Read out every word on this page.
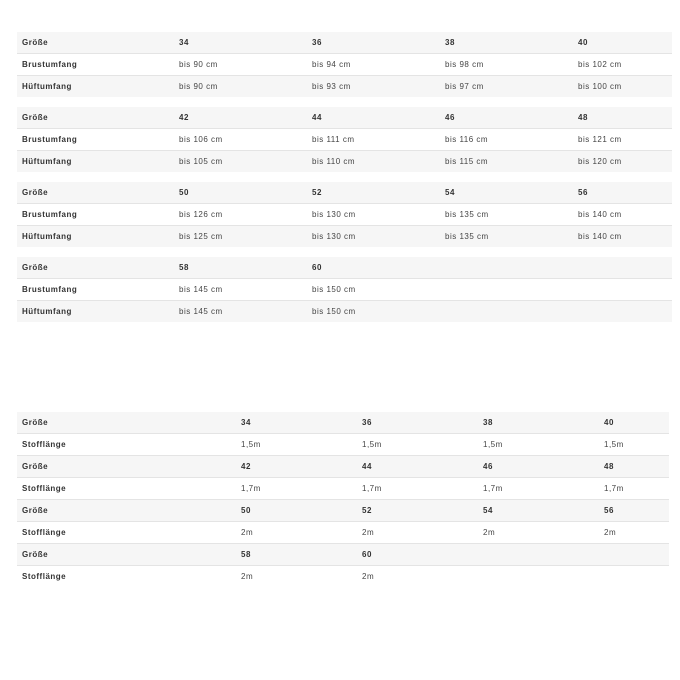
Größe	34	36	38	40
Brustumfang	bis 90 cm	bis 94 cm	bis 98 cm	bis 102 cm
Hüftumfang	bis 90 cm	bis 93 cm	bis 97 cm	bis 100 cm

Größe	42	44	46	48
Brustumfang	bis 106 cm	bis 111 cm	bis 116 cm	bis 121 cm
Hüftumfang	bis 105 cm	bis 110 cm	bis 115 cm	bis 120 cm

Größe	50	52	54	56
Brustumfang	bis 126 cm	bis 130 cm	bis 135 cm	bis 140 cm
Hüftumfang	bis 125 cm	bis 130 cm	bis 135 cm	bis 140 cm

Größe	58	60		
Brustumfang	bis 145 cm	bis 150 cm		
Hüftumfang	bis 145 cm	bis 150 cm		
Größe	34	36	38	40
Stofflänge	1,5m	1,5m	1,5m	1,5m
Größe	42	44	46	48
Stofflänge	1,7m	1,7m	1,7m	1,7m
Größe	50	52	54	56
Stofflänge	2m	2m	2m	2m
Größe	58	60		
Stofflänge	2m	2m		
